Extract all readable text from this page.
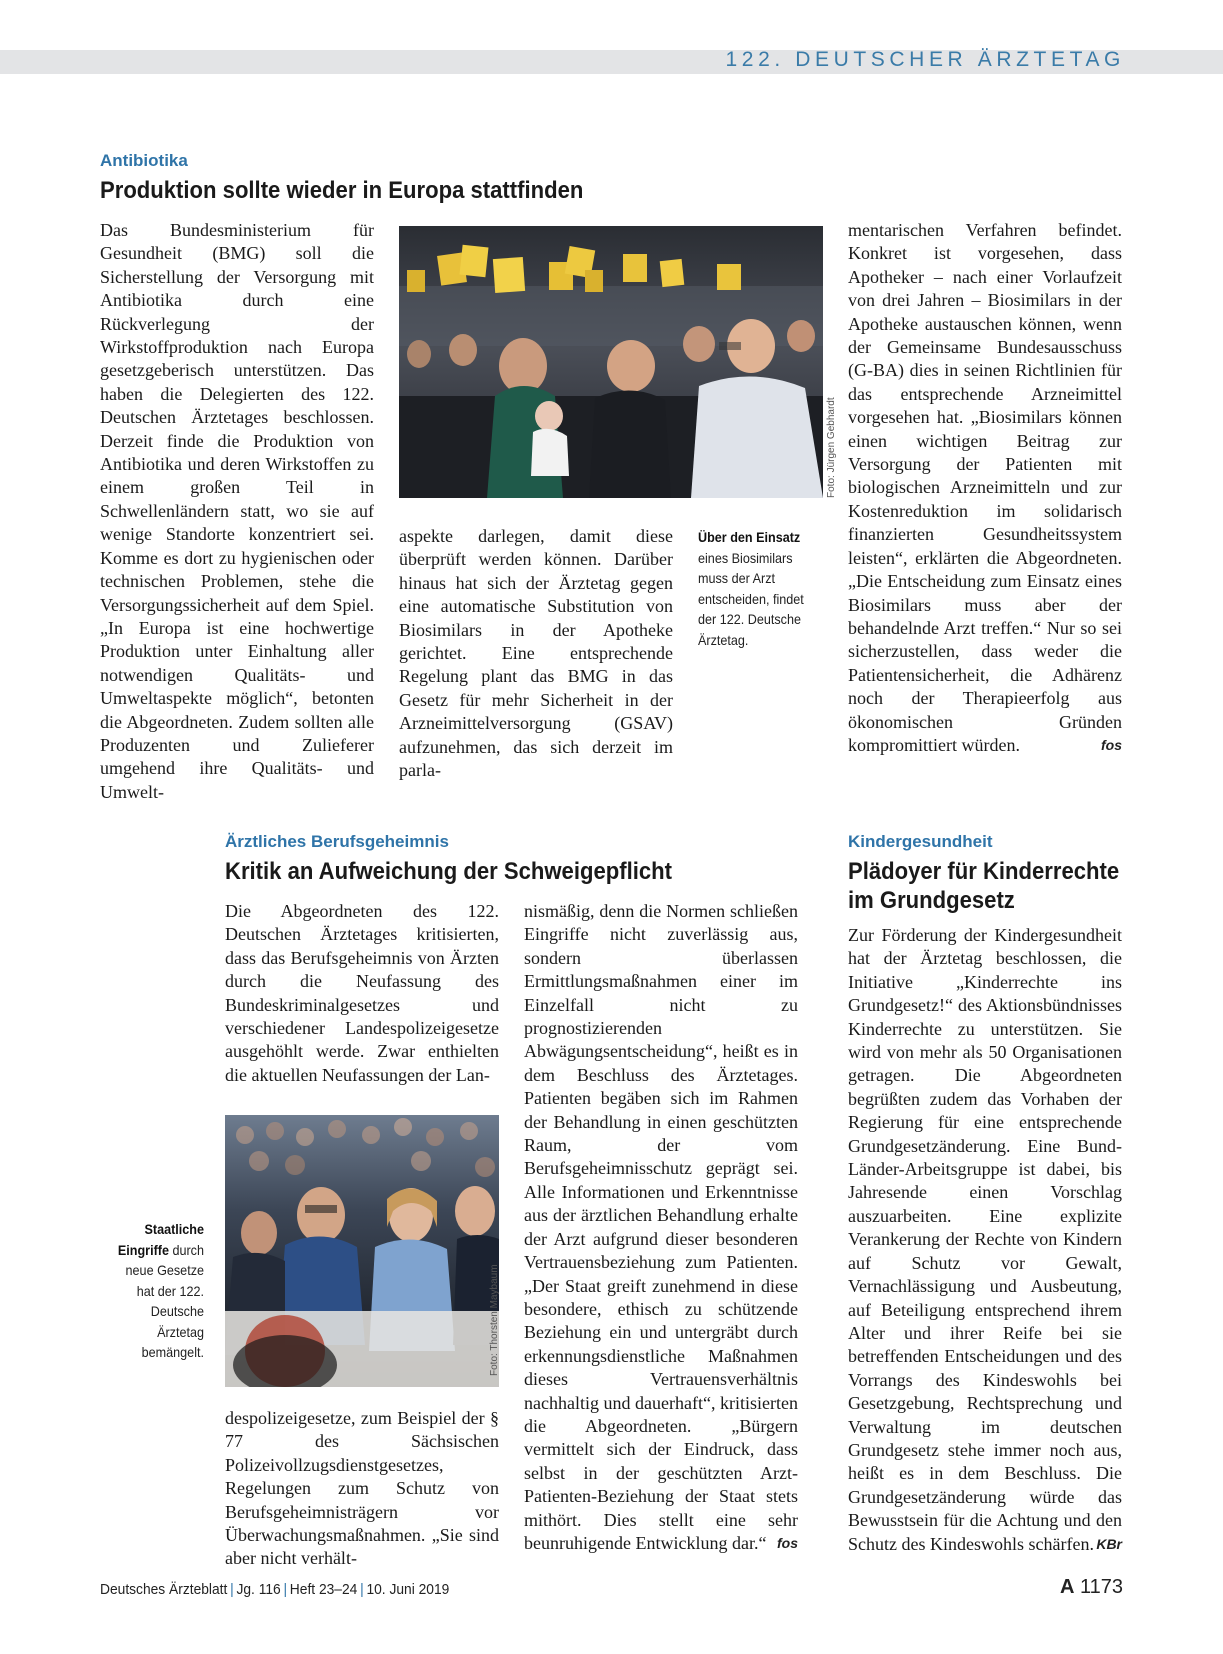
122. DEUTSCHER ÄRZTETAG
Antibiotika
Produktion sollte wieder in Europa stattfinden
Das Bundesministerium für Gesundheit (BMG) soll die Sicherstellung der Versorgung mit Antibiotika durch eine Rückverlegung der Wirkstoffproduktion nach Europa gesetzgeberisch unterstützen. Das haben die Delegierten des 122. Deutschen Ärztetages beschlossen. Derzeit finde die Produktion von Antibiotika und deren Wirkstoffen zu einem großen Teil in Schwellenländern statt, wo sie auf wenige Standorte konzentriert sei. Komme es dort zu hygienischen oder technischen Problemen, stehe die Versorgungssicherheit auf dem Spiel. „In Europa ist eine hochwertige Produktion unter Einhaltung aller notwendigen Qualitäts- und Umweltaspekte möglich“, betonten die Abgeordneten. Zudem sollten alle Produzenten und Zulieferer umgehend ihre Qualitäts- und Umwelt-
Foto: Jürgen Gebhardt
aspekte darlegen, damit diese überprüft werden können. Darüber hinaus hat sich der Ärztetag gegen eine automatische Substitution von Biosimilars in der Apotheke gerichtet. Eine entsprechende Regelung plant das BMG in das Gesetz für mehr Sicherheit in der Arzneimittelversorgung (GSAV) aufzunehmen, das sich derzeit im parla-
Über den Einsatz eines Biosimilars muss der Arzt entscheiden, findet der 122. Deutsche Ärztetag.
mentarischen Verfahren befindet. Konkret ist vorgesehen, dass Apotheker – nach einer Vorlaufzeit von drei Jahren – Biosimilars in der Apotheke austauschen können, wenn der Gemeinsame Bundesausschuss (G-BA) dies in seinen Richtlinien für das entsprechende Arzneimittel vorgesehen hat. „Biosimilars können einen wichtigen Beitrag zur Versorgung der Patienten mit biologischen Arzneimitteln und zur Kostenreduktion im solidarisch finanzierten Gesundheitssystem leisten“, erklärten die Abgeordneten. „Die Entscheidung zum Einsatz eines Biosimilars muss aber der behandelnde Arzt treffen.“ Nur so sei sicherzustellen, dass weder die Patientensicherheit, die Adhärenz noch der Therapieerfolg aus ökonomischen Gründen kompromittiert würden.	fos
Ärztliches Berufsgeheimnis
Kritik an Aufweichung der Schweigepflicht
Die Abgeordneten des 122. Deutschen Ärztetages kritisierten, dass das Berufsgeheimnis von Ärzten durch die Neufassung des Bundeskriminalgesetzes und verschiedener Landespolizeigesetze ausgehöhlt werde. Zwar enthielten die aktuellen Neufassungen der Lan-
Staatliche Eingriffe durch neue Gesetze hat der 122. Deutsche Ärztetag bemängelt.	Foto: Thorsten Maybaum
despolizeigesetze, zum Beispiel der § 77 des Sächsischen Polizeivollzugsdienstgesetzes, Regelungen zum Schutz von Berufsgeheimnisträgern vor Überwachungsmaßnahmen. „Sie sind aber nicht verhält-
nismäßig, denn die Normen schließen Eingriffe nicht zuverlässig aus, sondern überlassen Ermittlungsmaßnahmen einer im Einzelfall nicht zu prognostizierenden Abwägungsentscheidung“, heißt es in dem Beschluss des Ärztetages. Patienten begäben sich im Rahmen der Behandlung in einen geschützten Raum, der vom Berufsgeheimnisschutz geprägt sei. Alle Informationen und Erkenntnisse aus der ärztlichen Behandlung erhalte der Arzt aufgrund dieser besonderen Vertrauensbeziehung zum Patienten. „Der Staat greift zunehmend in diese besondere, ethisch zu schützende Beziehung ein und untergräbt durch erkennungsdienstliche Maßnahmen dieses Vertrauensverhältnis nachhaltig und dauerhaft“, kritisierten die Abgeordneten. „Bürgern vermittelt sich der Eindruck, dass selbst in der geschützten Arzt-Patienten-Beziehung der Staat stets mithört. Dies stellt eine sehr beunruhigende Entwicklung dar.“ fos
Kindergesundheit
Plädoyer für Kinderrechte
im Grundgesetz
Zur Förderung der Kindergesundheit hat der Ärztetag beschlossen, die Initiative „Kinderrechte ins Grundgesetz!“ des Aktionsbündnisses Kinderrechte zu unterstützen. Sie wird von mehr als 50 Organisationen getragen. Die Abgeordneten begrüßten zudem das Vorhaben der Regierung für eine entsprechende Grundgesetzänderung. Eine Bund-Länder-Arbeitsgruppe ist dabei, bis Jahresende einen Vorschlag auszuarbeiten. Eine explizite Verankerung der Rechte von Kindern auf Schutz vor Gewalt, Vernachlässigung und Ausbeutung, auf Beteiligung entsprechend ihrem Alter und ihrer Reife bei sie betreffenden Entscheidungen und des Vorrangs des Kindeswohls bei Gesetzgebung, Rechtsprechung und Verwaltung im deutschen Grundgesetz stehe immer noch aus, heißt es in dem Beschluss. Die Grundgesetzänderung würde das Bewusstsein für die Achtung und den Schutz des Kindeswohls schärfen. KBr
Deutsches Ärzteblatt | Jg. 116 | Heft 23–24 | 10. Juni 2019	A 1173
